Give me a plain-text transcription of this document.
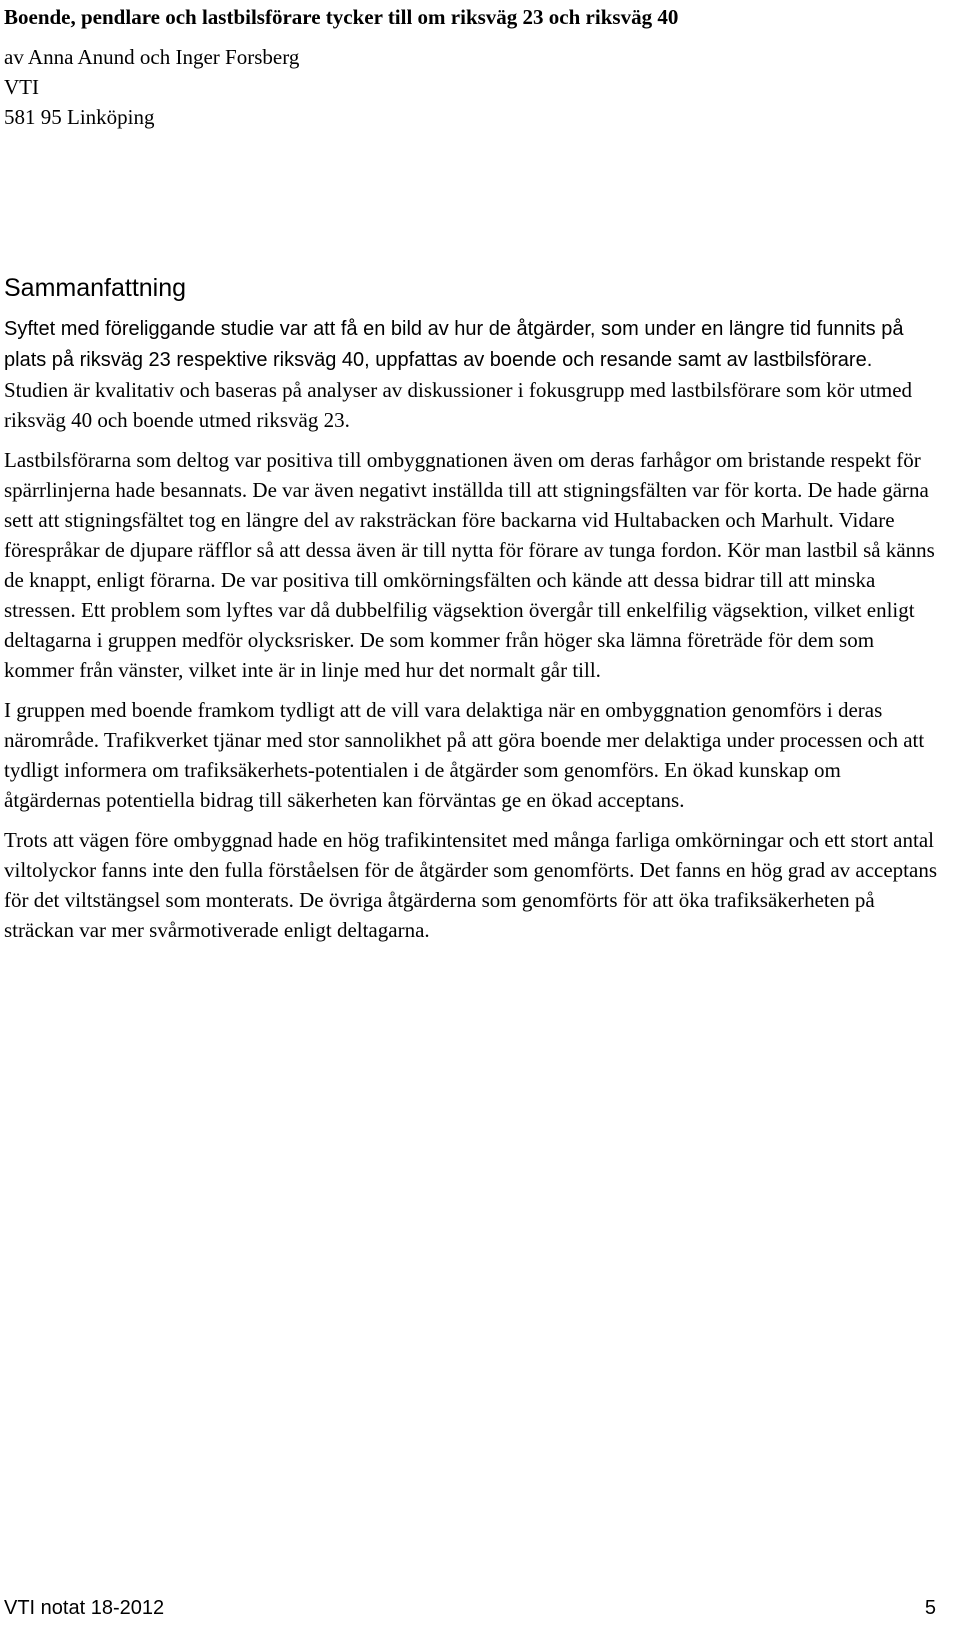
Boende, pendlare och lastbilsförare tycker till om riksväg 23 och riksväg 40

av Anna Anund och Inger Forsberg

VTI

581 95 Linköping

Sammanfattning

Syftet med föreliggande studie var att få en bild av hur de åtgärder, som under en längre tid funnits på plats på riksväg 23 respektive riksväg 40, uppfattas av boende och resande samt av lastbilsförare. Studien är kvalitativ och baseras på analyser av diskussioner i fokusgrupp med lastbilsförare som kör utmed riksväg 40 och boende utmed riksväg 23.

Lastbilsförarna som deltog var positiva till ombyggnationen även om deras farhågor om bristande respekt för spärrlinjerna hade besannats. De var även negativt inställda till att stigningsfälten var för korta. De hade gärna sett att stigningsfältet tog en längre del av raksträckan före backarna vid Hultabacken och Marhult. Vidare förespråkar de djupare räfflor så att dessa även är till nytta för förare av tunga fordon. Kör man lastbil så känns de knappt, enligt förarna. De var positiva till omkörningsfälten och kände att dessa bidrar till att minska stressen. Ett problem som lyftes var då dubbelfilig vägsektion övergår till enkelfilig vägsektion, vilket enligt deltagarna i gruppen medför olycksrisker. De som kommer från höger ska lämna företräde för dem som kommer från vänster, vilket inte är in linje med hur det normalt går till.

I gruppen med boende framkom tydligt att de vill vara delaktiga när en ombyggnation genomförs i deras närområde. Trafikverket tjänar med stor sannolikhet på att göra boende mer delaktiga under processen och att tydligt informera om trafiksäkerhets-potentialen i de åtgärder som genomförs. En ökad kunskap om åtgärdernas potentiella bidrag till säkerheten kan förväntas ge en ökad acceptans.

Trots att vägen före ombyggnad hade en hög trafikintensitet med många farliga omkörningar och ett stort antal viltolyckor fanns inte den fulla förståelsen för de åtgärder som genomförts. Det fanns en hög grad av acceptans för det viltstängsel som monterats. De övriga åtgärderna som genomförts för att öka trafiksäkerheten på sträckan var mer svårmotiverade enligt deltagarna.

VTI notat 18-2012	5
